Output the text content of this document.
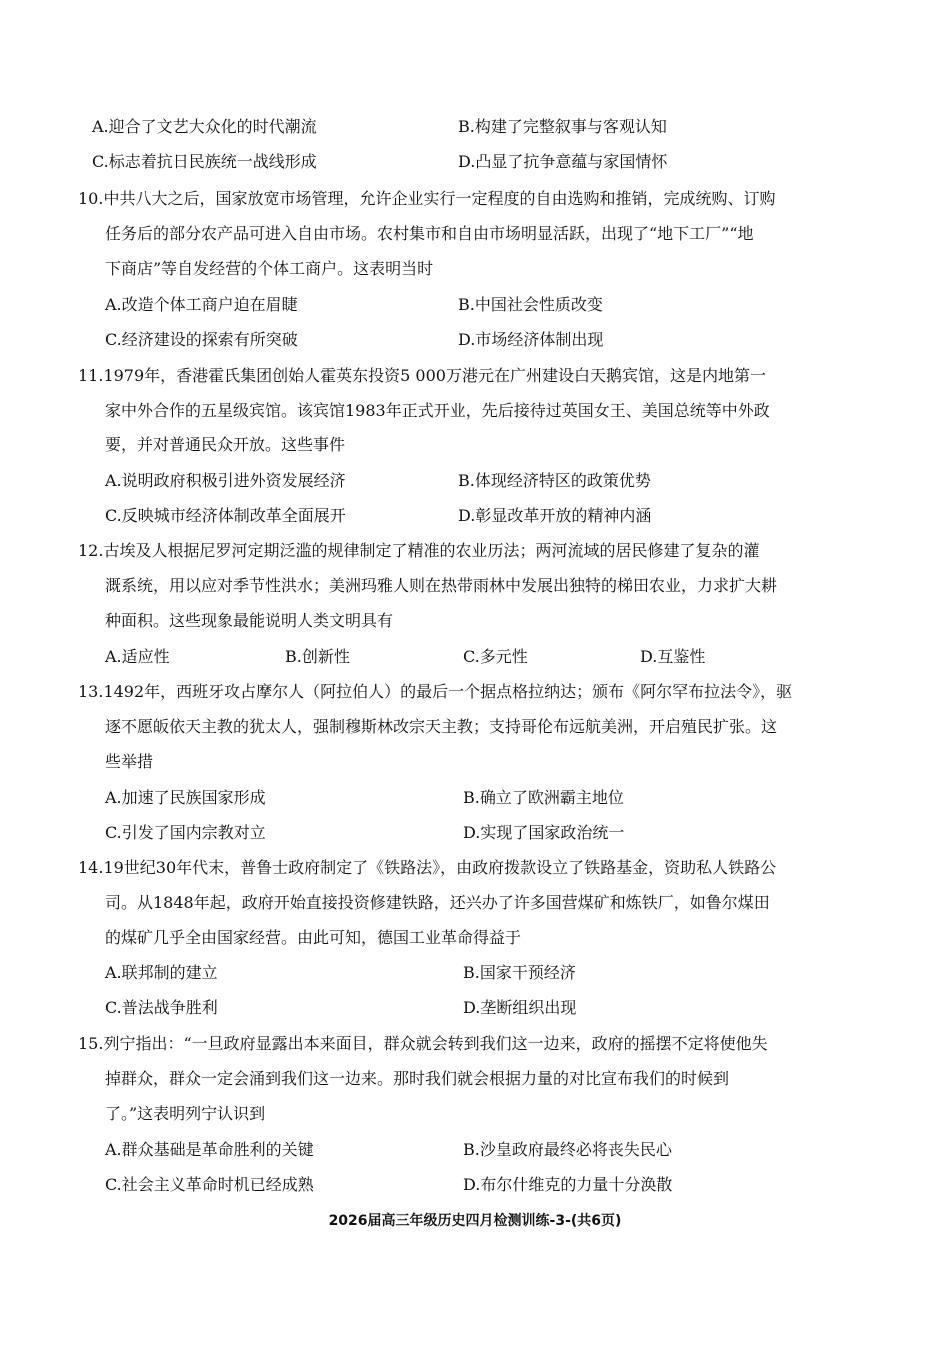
A.迎合了文艺大众化的时代潮流	B.构建了完整叙事与客观认知
C.标志着抗日民族统一战线形成	D.凸显了抗争意蕴与家国情怀
10.中共八大之后，国家放宽市场管理，允许企业实行一定程度的自由选购和推销，完成统购、订购
任务后的部分农产品可进入自由市场。农村集市和自由市场明显活跃，出现了“地下工厂”“地
下商店”等自发经营的个体工商户。这表明当时
A.改造个体工商户迫在眉睫	B.中国社会性质改变
C.经济建设的探索有所突破	D.市场经济体制出现
11.1979年，香港霍氏集团创始人霍英东投资5 000万港元在广州建设白天鹅宾馆，这是内地第一
家中外合作的五星级宾馆。该宾馆1983年正式开业，先后接待过英国女王、美国总统等中外政
要，并对普通民众开放。这些事件
A.说明政府积极引进外资发展经济	B.体现经济特区的政策优势
C.反映城市经济体制改革全面展开	D.彰显改革开放的精神内涵
12.古埃及人根据尼罗河定期泛滥的规律制定了精准的农业历法；两河流域的居民修建了复杂的灌
溉系统，用以应对季节性洪水；美洲玛雅人则在热带雨林中发展出独特的梯田农业，力求扩大耕
种面积。这些现象最能说明人类文明具有
A.适应性	B.创新性	C.多元性	D.互鉴性
13.1492年，西班牙攻占摩尔人（阿拉伯人）的最后一个据点格拉纳达；颁布《阿尔罕布拉法令》，驱
逐不愿皈依天主教的犹太人，强制穆斯林改宗天主教；支持哥伦布远航美洲，开启殖民扩张。这
些举措
A.加速了民族国家形成	B.确立了欧洲霸主地位
C.引发了国内宗教对立	D.实现了国家政治统一
14.19世纪30年代末，普鲁士政府制定了《铁路法》，由政府拨款设立了铁路基金，资助私人铁路公
司。从1848年起，政府开始直接投资修建铁路，还兴办了许多国营煤矿和炼铁厂，如鲁尔煤田
的煤矿几乎全由国家经营。由此可知，德国工业革命得益于
A.联邦制的建立	B.国家干预经济
C.普法战争胜利	D.垄断组织出现
15.列宁指出：“一旦政府显露出本来面目，群众就会转到我们这一边来，政府的摇摆不定将使他失
掉群众，群众一定会涌到我们这一边来。那时我们就会根据力量的对比宣布我们的时候到
了。”这表明列宁认识到
A.群众基础是革命胜利的关键	B.沙皇政府最终必将丧失民心
C.社会主义革命时机已经成熟	D.布尔什维克的力量十分涣散
2026届高三年级历史四月检测训练-3-(共6页)
